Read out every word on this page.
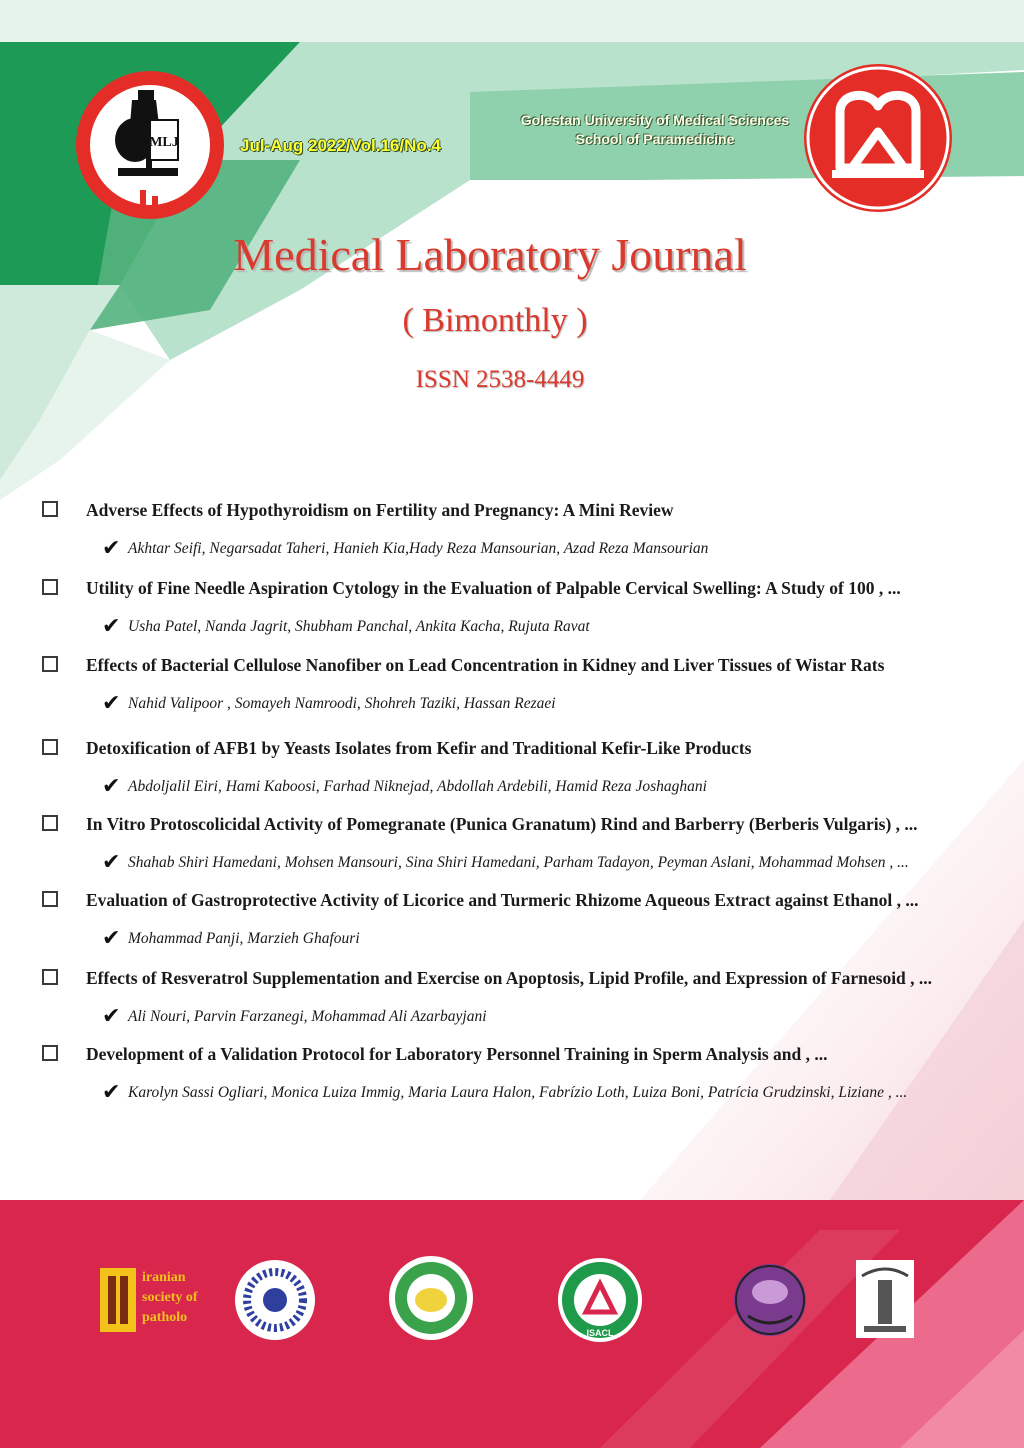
MLJ
ISACL
Jul-Aug 2022/Vol.16/No.4
Golestan University of Medical Sciences
School of Paramedicine
Medical Laboratory Journal
( Bimonthly )
ISSN 2538-4449
Adverse Effects of Hypothyroidism on Fertility and Pregnancy: A Mini Review
✔ Akhtar Seifi, Negarsadat Taheri, Hanieh Kia,Hady Reza Mansourian, Azad Reza Mansourian
Utility of Fine Needle Aspiration Cytology in the Evaluation of Palpable Cervical Swelling: A Study of 100 , ...
✔ Usha Patel, Nanda Jagrit, Shubham Panchal, Ankita Kacha, Rujuta Ravat
Effects of Bacterial Cellulose Nanofiber on Lead Concentration in Kidney and Liver Tissues of Wistar Rats
✔ Nahid Valipoor , Somayeh Namroodi, Shohreh Taziki, Hassan Rezaei
Detoxification of AFB1 by Yeasts Isolates from Kefir and Traditional Kefir-Like Products
✔ Abdoljalil Eiri, Hami Kaboosi, Farhad Niknejad, Abdollah Ardebili, Hamid Reza Joshaghani
In Vitro Protoscolicidal Activity of Pomegranate (Punica Granatum) Rind and Barberry (Berberis Vulgaris) , ...
✔ Shahab Shiri Hamedani, Mohsen Mansouri, Sina Shiri Hamedani, Parham Tadayon, Peyman Aslani, Mohammad Mohsen , ...
Evaluation of Gastroprotective Activity of Licorice and Turmeric Rhizome Aqueous Extract against Ethanol , ...
✔ Mohammad Panji, Marzieh Ghafouri
Effects of Resveratrol Supplementation and Exercise on Apoptosis, Lipid Profile, and Expression of Farnesoid , ...
✔ Ali Nouri, Parvin Farzanegi, Mohammad Ali Azarbayjani
Development of a Validation Protocol for Laboratory Personnel Training in Sperm Analysis and , ...
✔ Karolyn Sassi Ogliari, Monica Luiza Immig, Maria Laura Halon, Fabrízio Loth, Luiza Boni, Patrícia Grudzinski, Liziane , ...
iranian
society of
patholo
